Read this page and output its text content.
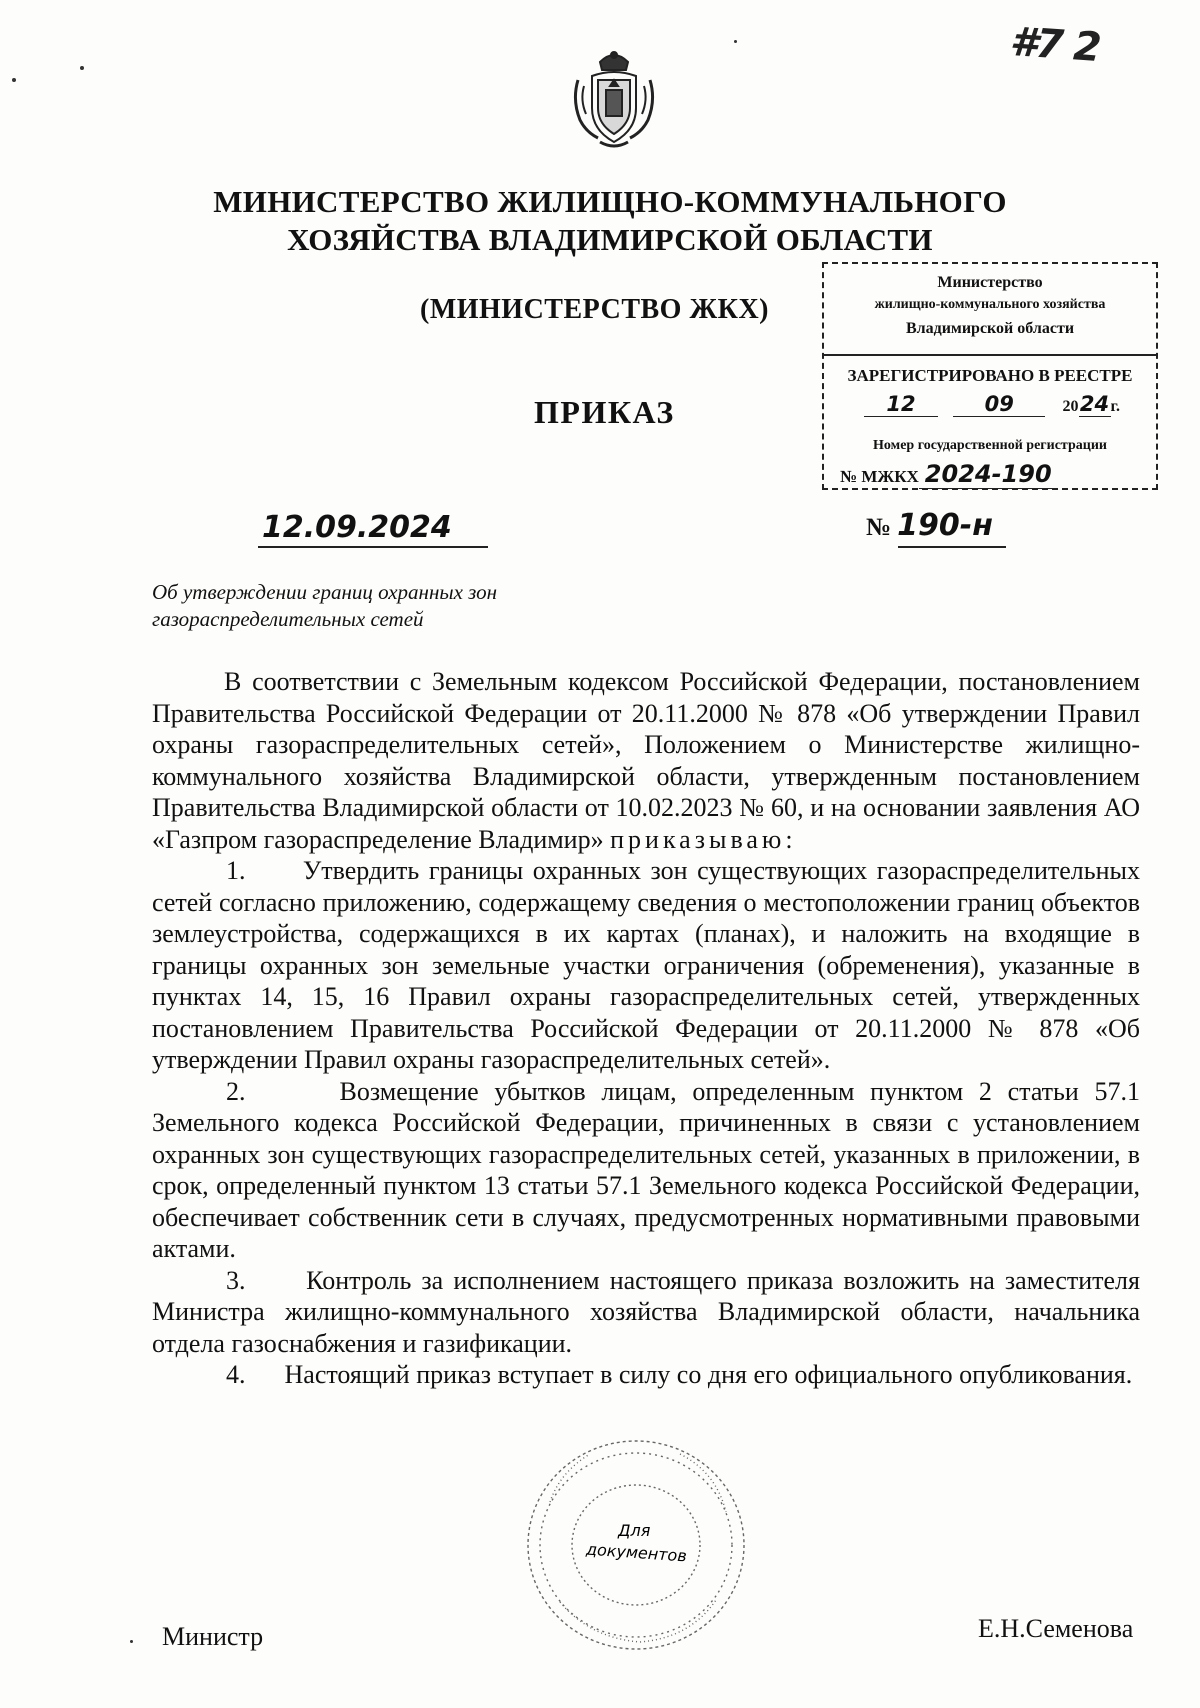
#7 2
МИНИСТЕРСТВО ЖИЛИЩНО-КОММУНАЛЬНОГО
ХОЗЯЙСТВА ВЛАДИМИРСКОЙ ОБЛАСТИ
(МИНИСТЕРСТВО ЖКХ)
ПРИКАЗ
Министерство
жилищно-коммунального хозяйства
Владимирской области
ЗАРЕГИСТРИРОВАНО В РЕЕСТРЕ
12	09	2024г.
Номер государственной регистрации
№ МЖКХ 2024-190
12.09.2024	№ 190-н
Об утверждении границ охранных зон
газораспределительных сетей

В соответствии с Земельным кодексом Российской Федерации, постановлением Правительства Российской Федерации от 20.11.2000 № 878 «Об утверждении Правил охраны газораспределительных сетей», Положением о Министерстве жилищно-коммунального хозяйства Владимирской области, утвержденным постановлением Правительства Владимирской области от 10.02.2023 № 60, и на основании заявления АО «Газпром газораспределение Владимир» приказываю:

1. Утвердить границы охранных зон существующих газораспределительных сетей согласно приложению, содержащему сведения о местоположении границ объектов землеустройства, содержащихся в их картах (планах), и наложить на входящие в границы охранных зон земельные участки ограничения (обременения), указанные в пунктах 14, 15, 16 Правил охраны газораспределительных сетей, утвержденных постановлением Правительства Российской Федерации от 20.11.2000 № 878 «Об утверждении Правил охраны газораспределительных сетей».

2.	Возмещение убытков лицам, определенным пунктом 2 статьи 57.1 Земельного кодекса Российской Федерации, причиненных в связи с установлением охранных зон существующих газораспределительных сетей, указанных в приложении, в срок, определенный пунктом 13 статьи 57.1 Земельного кодекса Российской Федерации, обеспечивает собственник сети в случаях, предусмотренных нормативными правовыми актами.

3. Контроль за исполнением настоящего приказа возложить на заместителя Министра жилищно-коммунального хозяйства Владимирской области, начальника отдела газоснабжения и газификации.

4. Настоящий приказ вступает в силу со дня его официального опубликования.

Для
документов
Министр	Е.Н.Семенова
